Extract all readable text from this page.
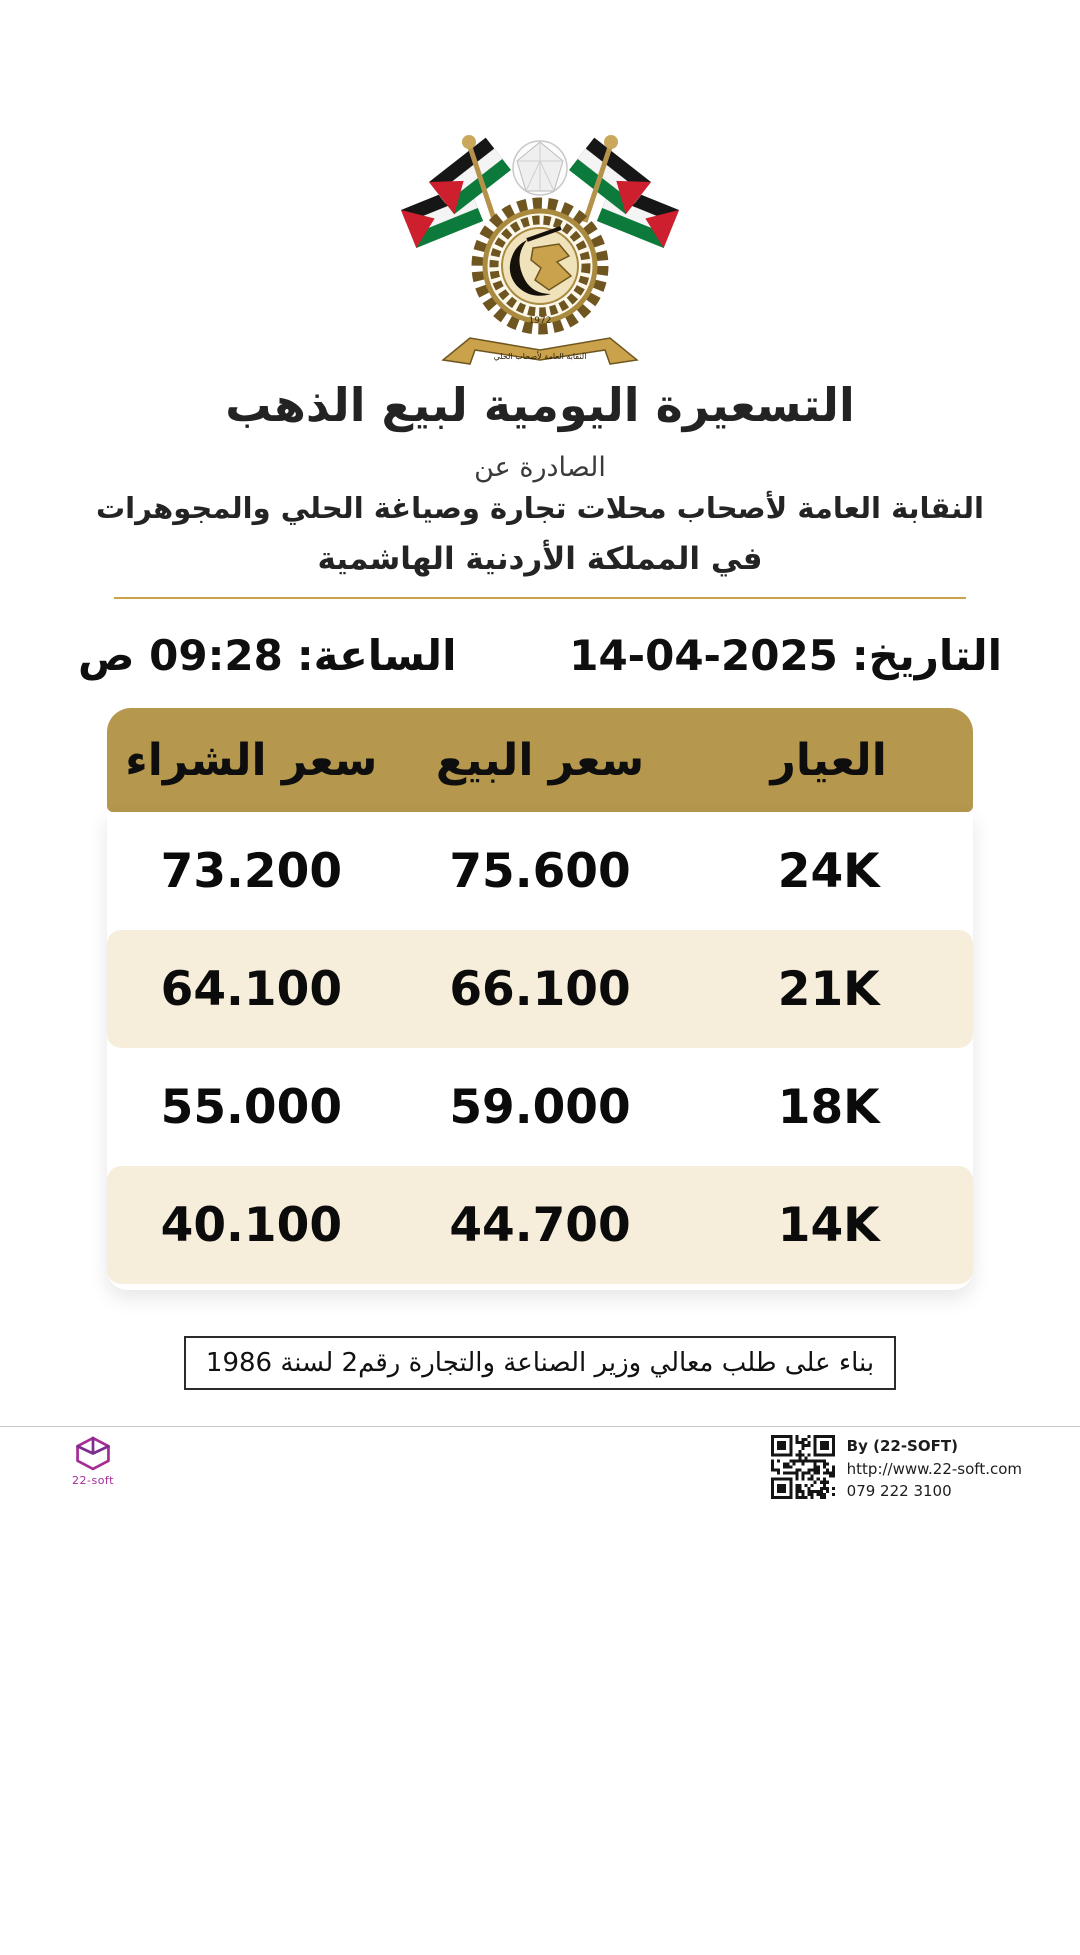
1972
النقابة العامة لأصحاب الحلي
التسعيرة اليومية لبيع الذهب
الصادرة عن
النقابة العامة لأصحاب محلات تجارة وصياغة الحلي والمجوهرات
في المملكة الأردنية الهاشمية
التاريخ:
14-04-2025
الساعة:
09:28 ص
العيار
سعر البيع
سعر الشراء
24K
75.600
73.200
21K
66.100
64.100
18K
59.000
55.000
14K
44.700
40.100
بناء على طلب معالي وزير الصناعة والتجارة رقم2 لسنة 1986
22-soft
By (22-SOFT)
http://www.22-soft.com
079 222 3100
